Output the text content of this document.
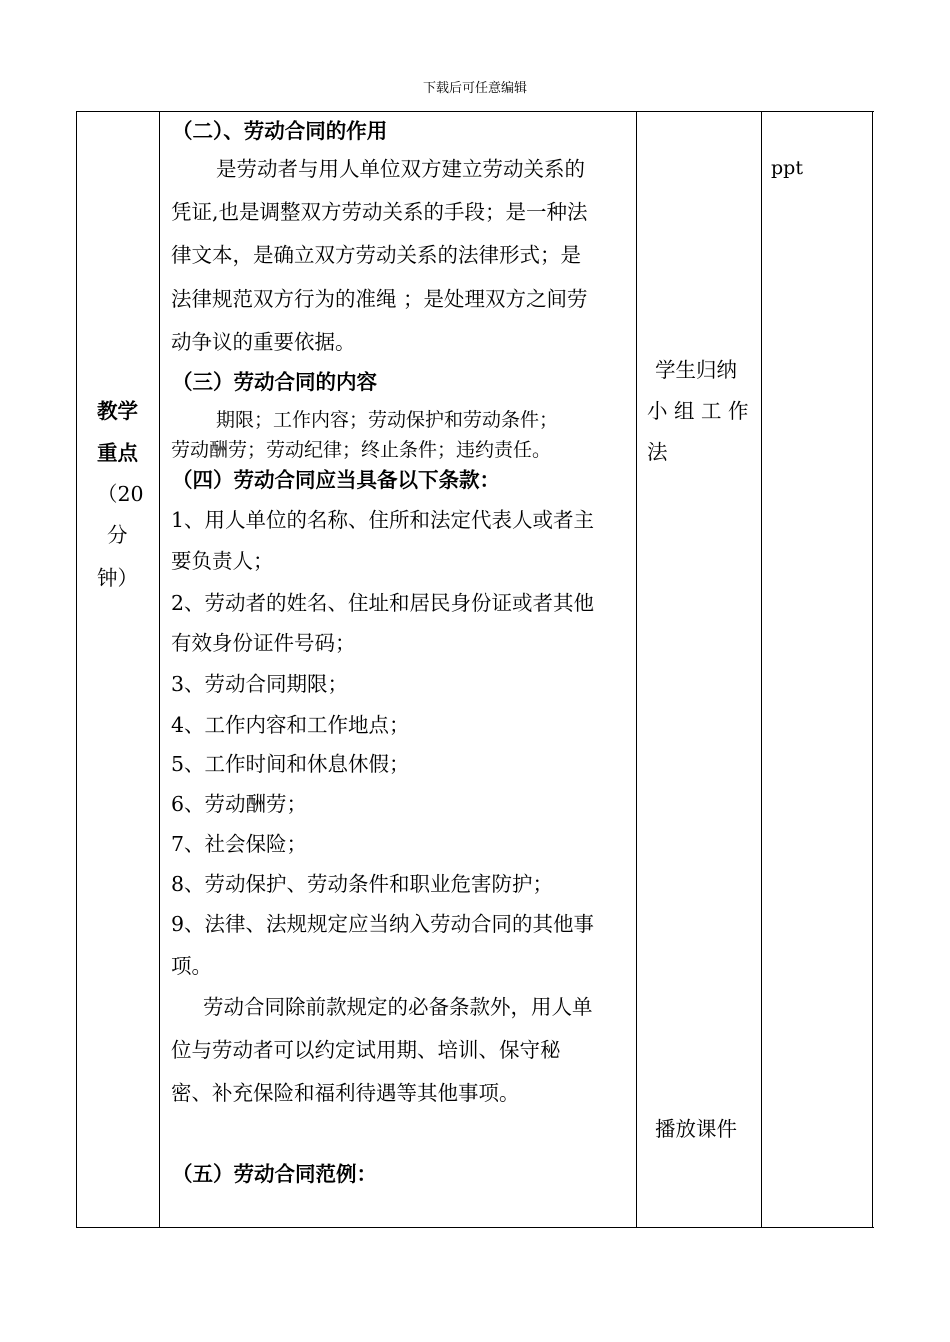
下载后可任意编辑
教学
重点
（20
分
钟）
（二）、劳动合同的作用
是劳动者与用人单位双方建立劳动关系的
凭证,也是调整双方劳动关系的手段；是一种法
律文本，是确立双方劳动关系的法律形式；是
法律规范双方行为的准绳 ；是处理双方之间劳
动争议的重要依据。
（三）劳动合同的内容
期限；工作内容；劳动保护和劳动条件；
劳动酬劳；劳动纪律；终止条件；违约责任。
（四）劳动合同应当具备以下条款：
1、用人单位的名称、住所和法定代表人或者主
要负责人；
2、劳动者的姓名、住址和居民身份证或者其他
有效身份证件号码；
3、劳动合同期限；
4、工作内容和工作地点；
5、工作时间和休息休假；
6、劳动酬劳；
7、社会保险；
8、劳动保护、劳动条件和职业危害防护；
9、法律、法规规定应当纳入劳动合同的其他事
项。
劳动合同除前款规定的必备条款外，用人单
位与劳动者可以约定试用期、培训、保守秘
密、补充保险和福利待遇等其他事项。
（五）劳动合同范例：
学生归纳
小 组 工 作
法
播放课件
ppt
